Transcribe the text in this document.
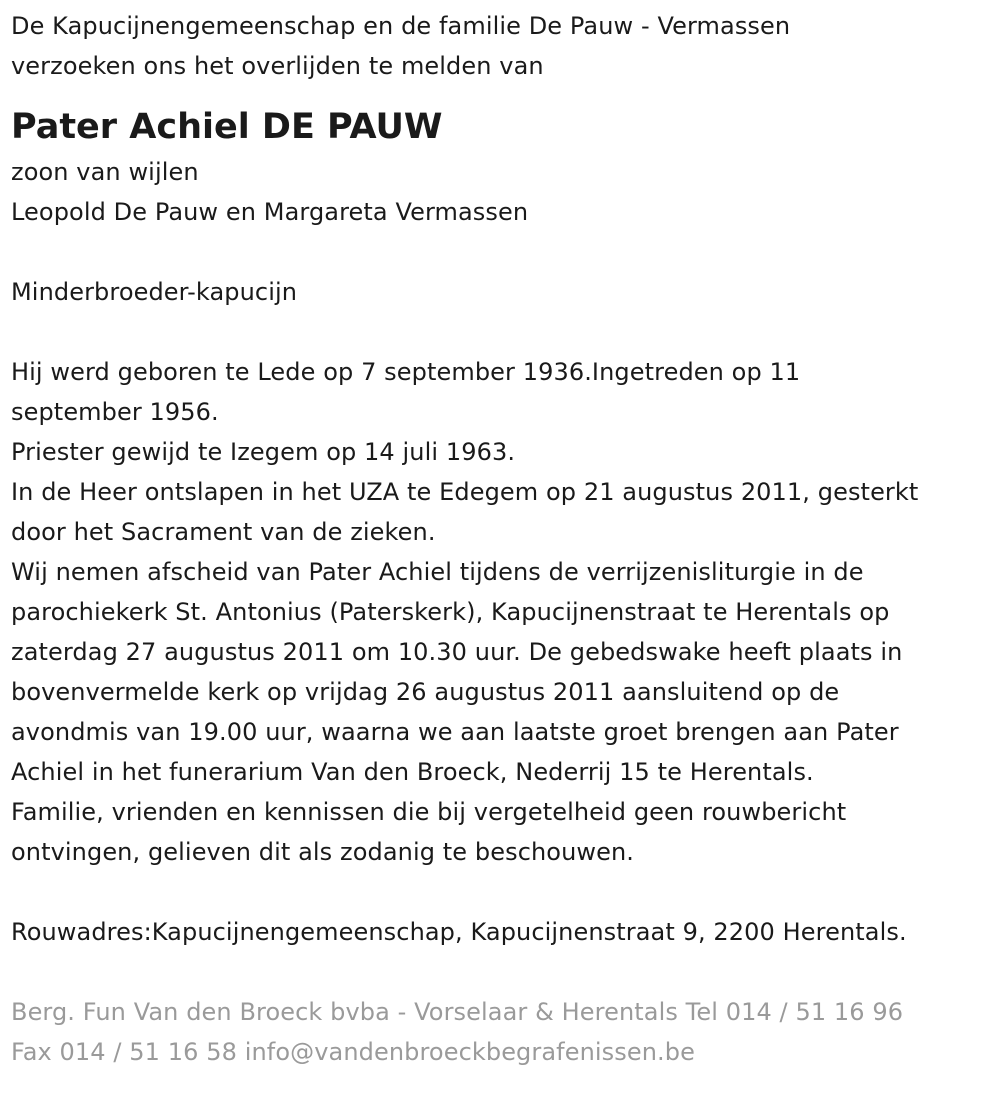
De Kapucijnengemeenschap en de familie De Pauw - Vermassen
verzoeken ons het overlijden te melden van
Pater Achiel DE PAUW
zoon van wijlen
Leopold De Pauw en Margareta Vermassen
Minderbroeder-kapucijn
Hij werd geboren te Lede op 7 september 1936.Ingetreden op 11
september 1956.
Priester gewijd te Izegem op 14 juli 1963.
In de Heer ontslapen in het UZA te Edegem op 21 augustus 2011, gesterkt
door het Sacrament van de zieken.
Wij nemen afscheid van Pater Achiel tijdens de verrijzenisliturgie in de
parochiekerk St. Antonius (Paterskerk), Kapucijnenstraat te Herentals op
zaterdag 27 augustus 2011 om 10.30 uur. De gebedswake heeft plaats in
bovenvermelde kerk op vrijdag 26 augustus 2011 aansluitend op de
avondmis van 19.00 uur, waarna we aan laatste groet brengen aan Pater
Achiel in het funerarium Van den Broeck, Nederrij 15 te Herentals.
Familie, vrienden en kennissen die bij vergetelheid geen rouwbericht
ontvingen, gelieven dit als zodanig te beschouwen.
Rouwadres:Kapucijnengemeenschap, Kapucijnenstraat 9, 2200 Herentals.
Berg. Fun Van den Broeck bvba - Vorselaar & Herentals Tel 014 / 51 16 96
Fax 014 / 51 16 58 info@vandenbroeckbegrafenissen.be
